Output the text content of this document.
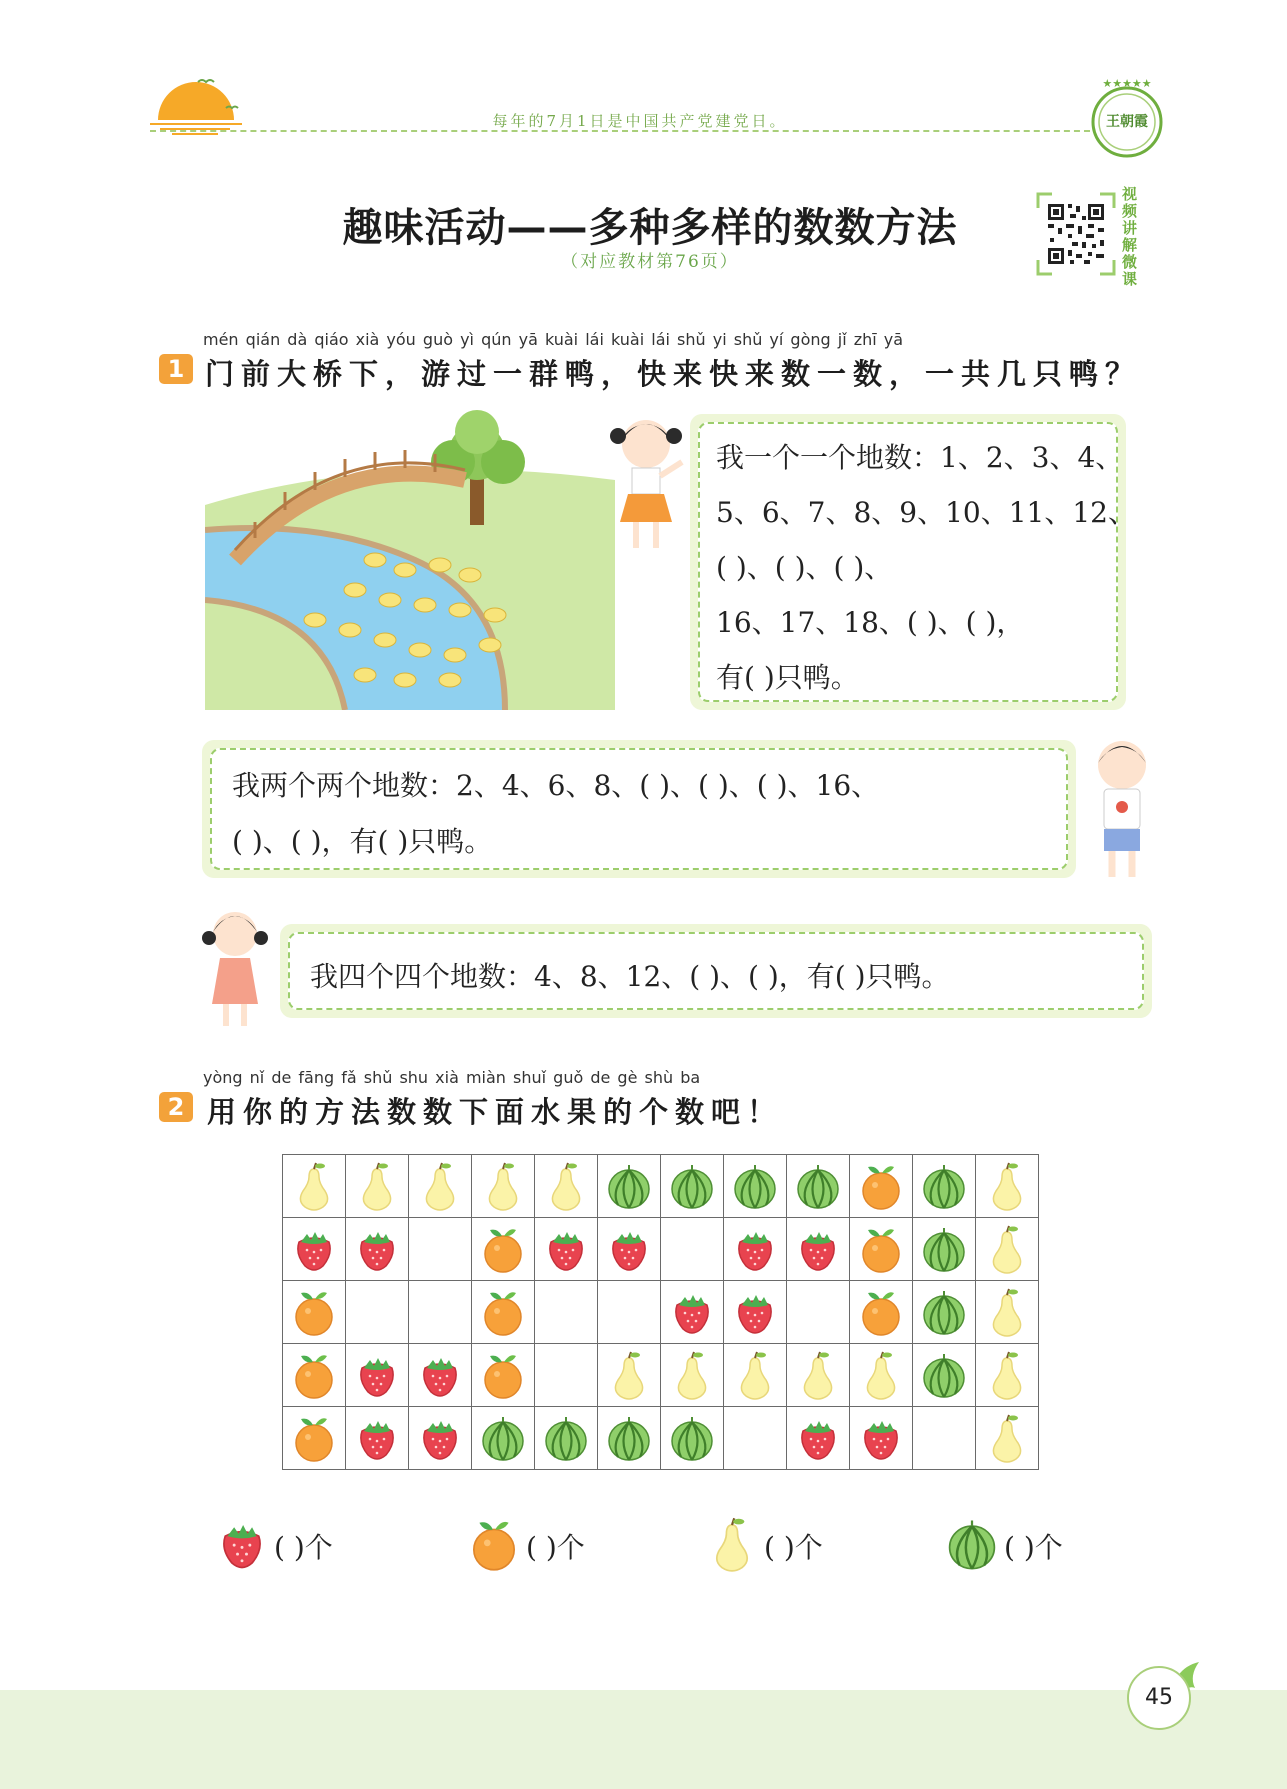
每年的7月1日是中国共产党建党日。
★★★★★
王朝霞
趣味活动——多种多样的数数方法
（对应教材第76页）
视频讲解微课
mén qián dà qiáo xià yóu guò yì qún yā kuài lái kuài lái shǔ yi shǔ yí gòng jǐ zhī yā
1 门前大桥下，游过一群鸭，快来快来数一数，一共几只鸭？
我一个一个地数：1、2、3、4、
5、6、7、8、9、10、11、12、
( )、( )、( )、
16、17、18、( )、( )，
有( )只鸭。
我两个两个地数：2、4、6、8、( )、( )、( )、16、
( )、( )，有( )只鸭。
我四个四个地数：4、8、12、( )、( )，有( )只鸭。
yòng nǐ de fāng fǎ shǔ shu xià miàn shuǐ guǒ de gè shù ba
2 用你的方法数数下面水果的个数吧！

( )个	( )个	( )个	( )个
45
